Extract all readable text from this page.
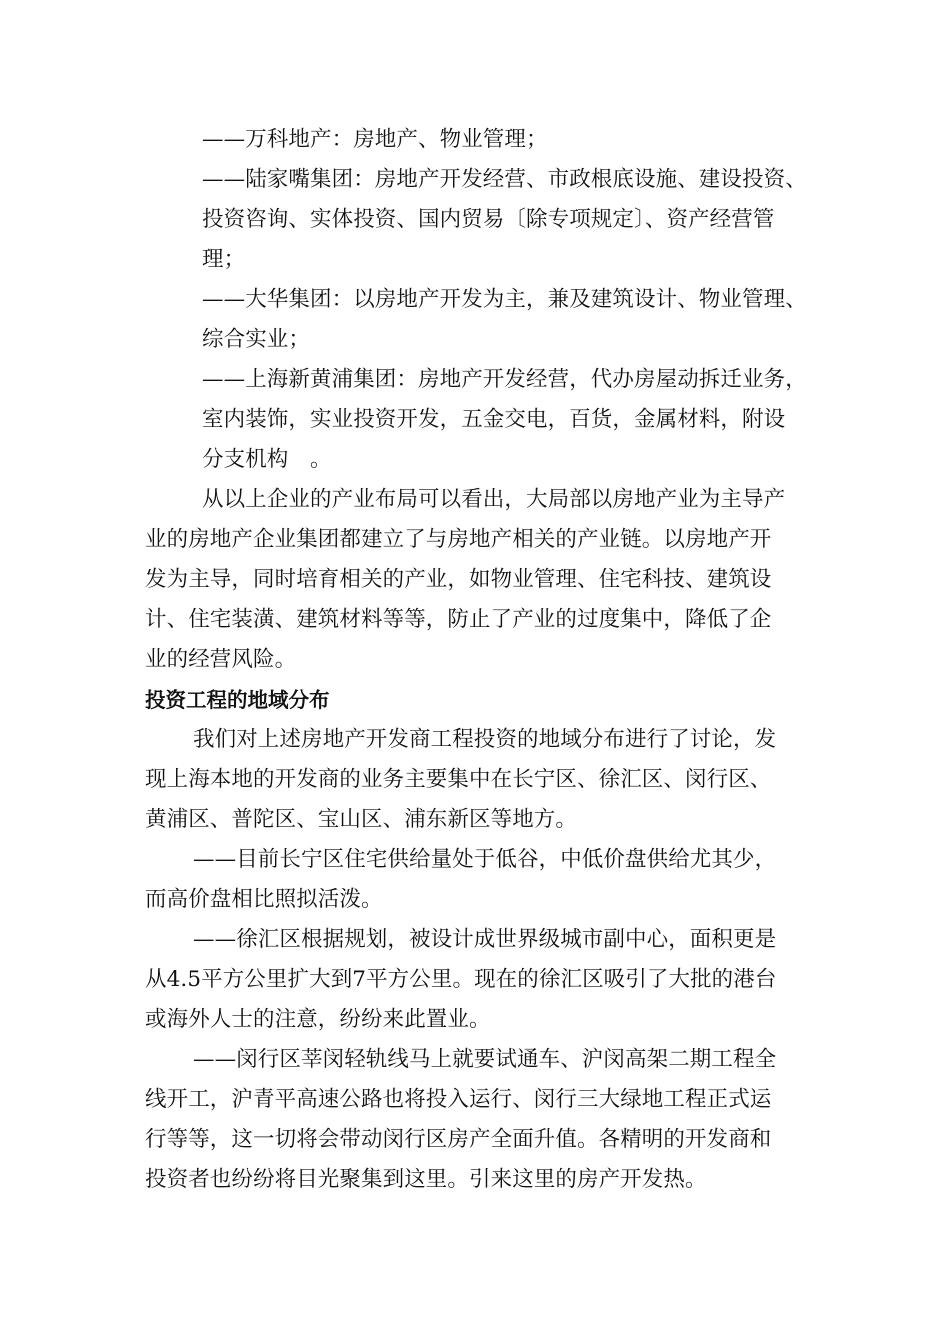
——万科地产：房地产、物业管理；
——陆家嘴集团：房地产开发经营、市政根底设施、建设投资、
投资咨询、实体投资、国内贸易〔除专项规定〕、资产经营管
理；
——大华集团：以房地产开发为主，兼及建筑设计、物业管理、
综合实业；
——上海新黄浦集团：房地产开发经营，代办房屋动拆迁业务，
室内装饰，实业投资开发，五金交电，百货，金属材料，附设
分支机构　。
从以上企业的产业布局可以看出，大局部以房地产业为主导产
业的房地产企业集团都建立了与房地产相关的产业链。以房地产开
发为主导，同时培育相关的产业，如物业管理、住宅科技、建筑设
计、住宅装潢、建筑材料等等，防止了产业的过度集中，降低了企
业的经营风险。
投资工程的地域分布
我们对上述房地产开发商工程投资的地域分布进行了讨论，发
现上海本地的开发商的业务主要集中在长宁区、徐汇区、闵行区、
黄浦区、普陀区、宝山区、浦东新区等地方。
——目前长宁区住宅供给量处于低谷，中低价盘供给尤其少，
而高价盘相比照拟活泼。
——徐汇区根据规划，被设计成世界级城市副中心，面积更是
从4.5平方公里扩大到7平方公里。现在的徐汇区吸引了大批的港台
或海外人士的注意，纷纷来此置业。
——闵行区莘闵轻轨线马上就要试通车、沪闵高架二期工程全
线开工，沪青平高速公路也将投入运行、闵行三大绿地工程正式运
行等等，这一切将会带动闵行区房产全面升值。各精明的开发商和
投资者也纷纷将目光聚集到这里。引来这里的房产开发热。
